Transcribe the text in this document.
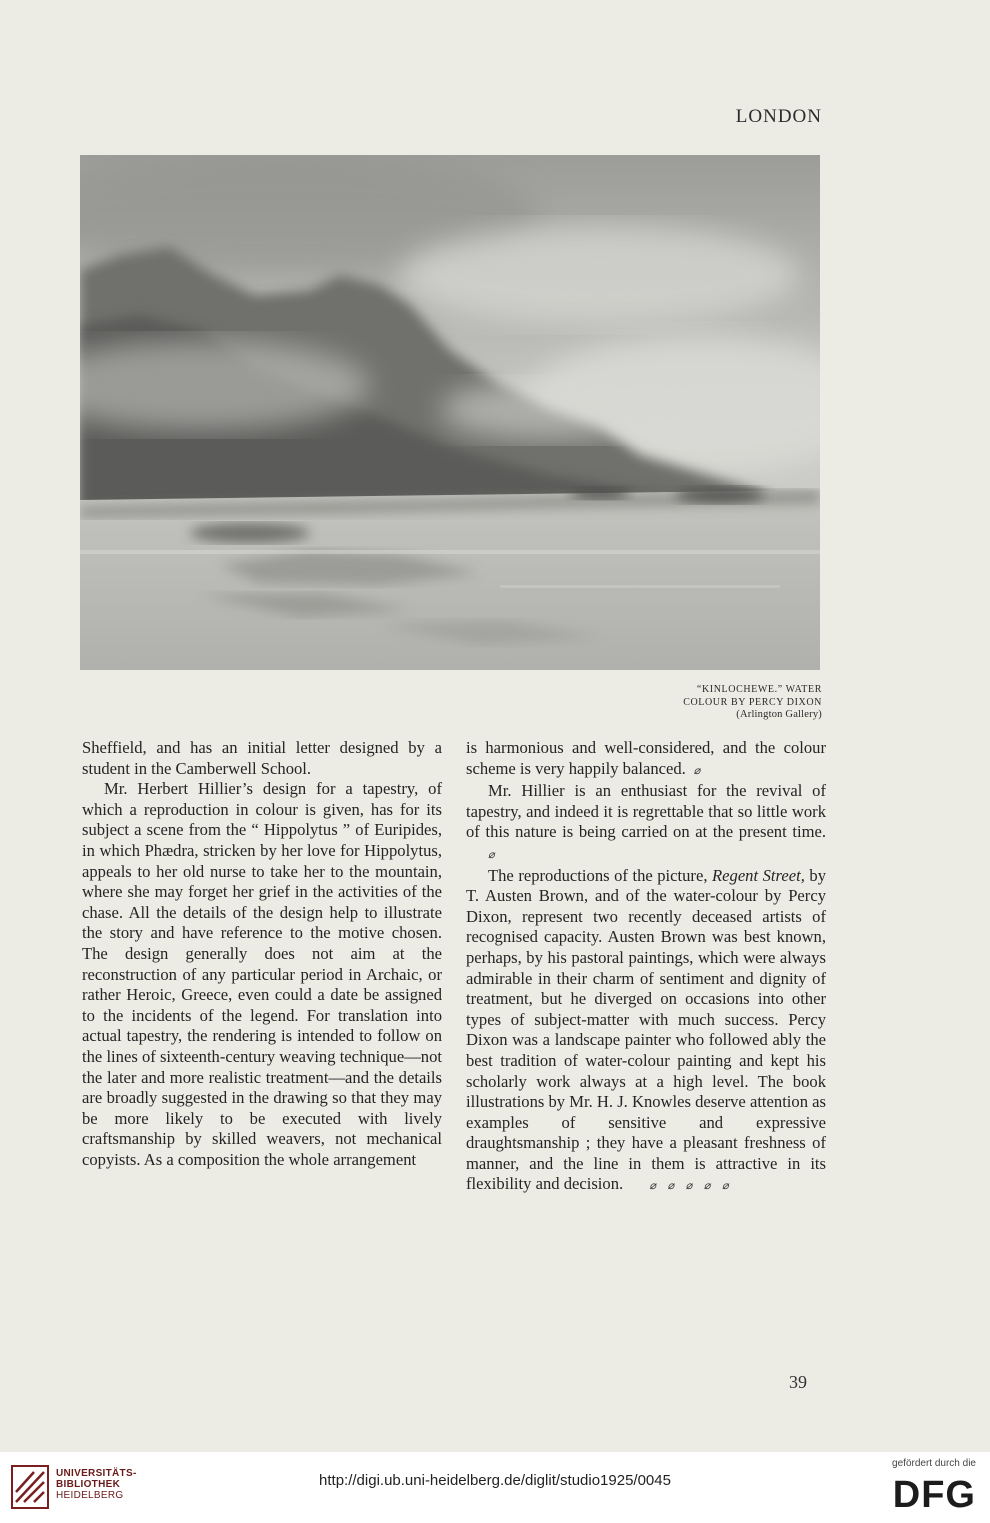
LONDON
“KINLOCHEWE.” WATER
COLOUR BY PERCY DIXON
(Arlington Gallery)

Sheffield, and has an initial letter designed by a student in the Camberwell School.

Mr. Herbert Hillier’s design for a tapestry, of which a reproduction in colour is given, has for its subject a scene from the “ Hippolytus ” of Euripides, in which Phædra, stricken by her love for Hippolytus, appeals to her old nurse to take her to the mountain, where she may forget her grief in the activities of the chase. All the details of the design help to illustrate the story and have reference to the motive chosen. The design generally does not aim at the reconstruction of any particular period in Archaic, or rather Heroic, Greece, even could a date be assigned to the incidents of the legend. For translation into actual tapestry, the rendering is intended to follow on the lines of sixteenth-century weaving technique—not the later and more realistic treatment—and the details are broadly suggested in the drawing so that they may be more likely to be executed with lively craftsmanship by skilled weavers, not mechanical copyists. As a composition the whole arrangement

is harmonious and well-considered, and the colour scheme is very happily balanced. ⌀

Mr. Hillier is an enthusiast for the revival of tapestry, and indeed it is regrettable that so little work of this nature is being carried on at the present time. ⌀

The reproductions of the picture, Regent Street, by T. Austen Brown, and of the water-colour by Percy Dixon, represent two recently deceased artists of recognised capacity. Austen Brown was best known, perhaps, by his pastoral paintings, which were always admirable in their charm of sentiment and dignity of treatment, but he diverged on occasions into other types of subject-matter with much success. Percy Dixon was a landscape painter who followed ably the best tradition of water-colour painting and kept his scholarly work always at a high level. The book illustrations by Mr. H. J. Knowles deserve attention as examples of sensitive and expressive draughtsmanship ; they have a pleasant freshness of manner, and the line in them is attractive in its flexibility and decision. ⌀ ⌀ ⌀ ⌀ ⌀

39
UNIVERSITÄTS-
BIBLIOTHEK
HEIDELBERG
http://digi.ub.uni-heidelberg.de/diglit/studio1925/0045
gefördert durch die
DFG
